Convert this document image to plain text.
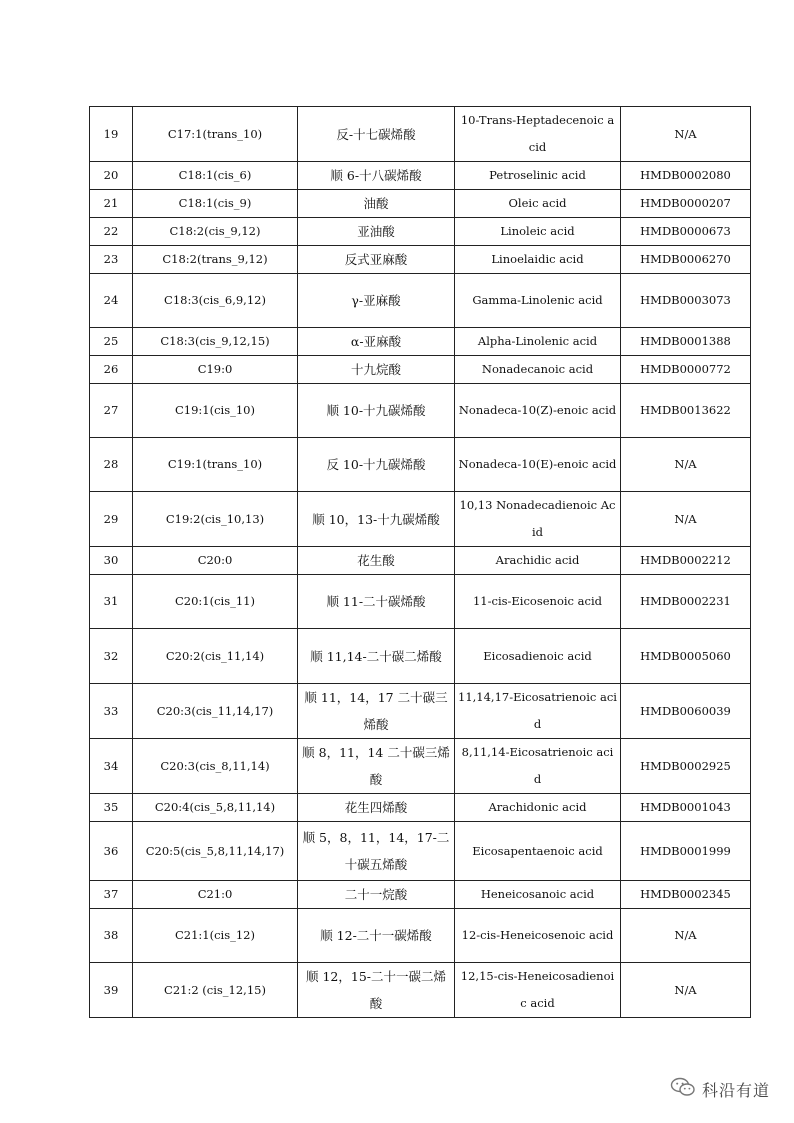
19	C17:1(trans_10)	反-十七碳烯酸	10-Trans-Heptadecenoic acid	N/A
20	C18:1(cis_6)	顺 6-十八碳烯酸	Petroselinic acid	HMDB0002080
21	C18:1(cis_9)	油酸	Oleic acid	HMDB0000207
22	C18:2(cis_9,12)	亚油酸	Linoleic acid	HMDB0000673
23	C18:2(trans_9,12)	反式亚麻酸	Linoelaidic acid	HMDB0006270
24	C18:3(cis_6,9,12)	γ-亚麻酸	Gamma-Linolenic acid	HMDB0003073
25	C18:3(cis_9,12,15)	α-亚麻酸	Alpha-Linolenic acid	HMDB0001388
26	C19:0	十九烷酸	Nonadecanoic acid	HMDB0000772
27	C19:1(cis_10)	顺 10-十九碳烯酸	Nonadeca-10(Z)-enoic acid	HMDB0013622
28	C19:1(trans_10)	反 10-十九碳烯酸	Nonadeca-10(E)-enoic acid	N/A
29	C19:2(cis_10,13)	顺 10，13-十九碳烯酸	10,13 Nonadecadienoic Acid	N/A
30	C20:0	花生酸	Arachidic acid	HMDB0002212
31	C20:1(cis_11)	顺 11-二十碳烯酸	11-cis-Eicosenoic acid	HMDB0002231
32	C20:2(cis_11,14)	顺 11,14-二十碳二烯酸	Eicosadienoic acid	HMDB0005060
33	C20:3(cis_11,14,17)	顺 11，14，17 二十碳三烯酸	11,14,17-Eicosatrienoic acid	HMDB0060039
34	C20:3(cis_8,11,14)	顺 8，11，14 二十碳三烯酸	8,11,14-Eicosatrienoic acid	HMDB0002925
35	C20:4(cis_5,8,11,14)	花生四烯酸	Arachidonic acid	HMDB0001043
36	C20:5(cis_5,8,11,14,17)	顺 5，8，11，14，17-二十碳五烯酸	Eicosapentaenoic acid	HMDB0001999
37	C21:0	二十一烷酸	Heneicosanoic acid	HMDB0002345
38	C21:1(cis_12)	顺 12-二十一碳烯酸	12-cis-Heneicosenoic acid	N/A
39	C21:2 (cis_12,15)	顺 12，15-二十一碳二烯酸	12,15-cis-Heneicosadienoic acid	N/A
科沿有道
